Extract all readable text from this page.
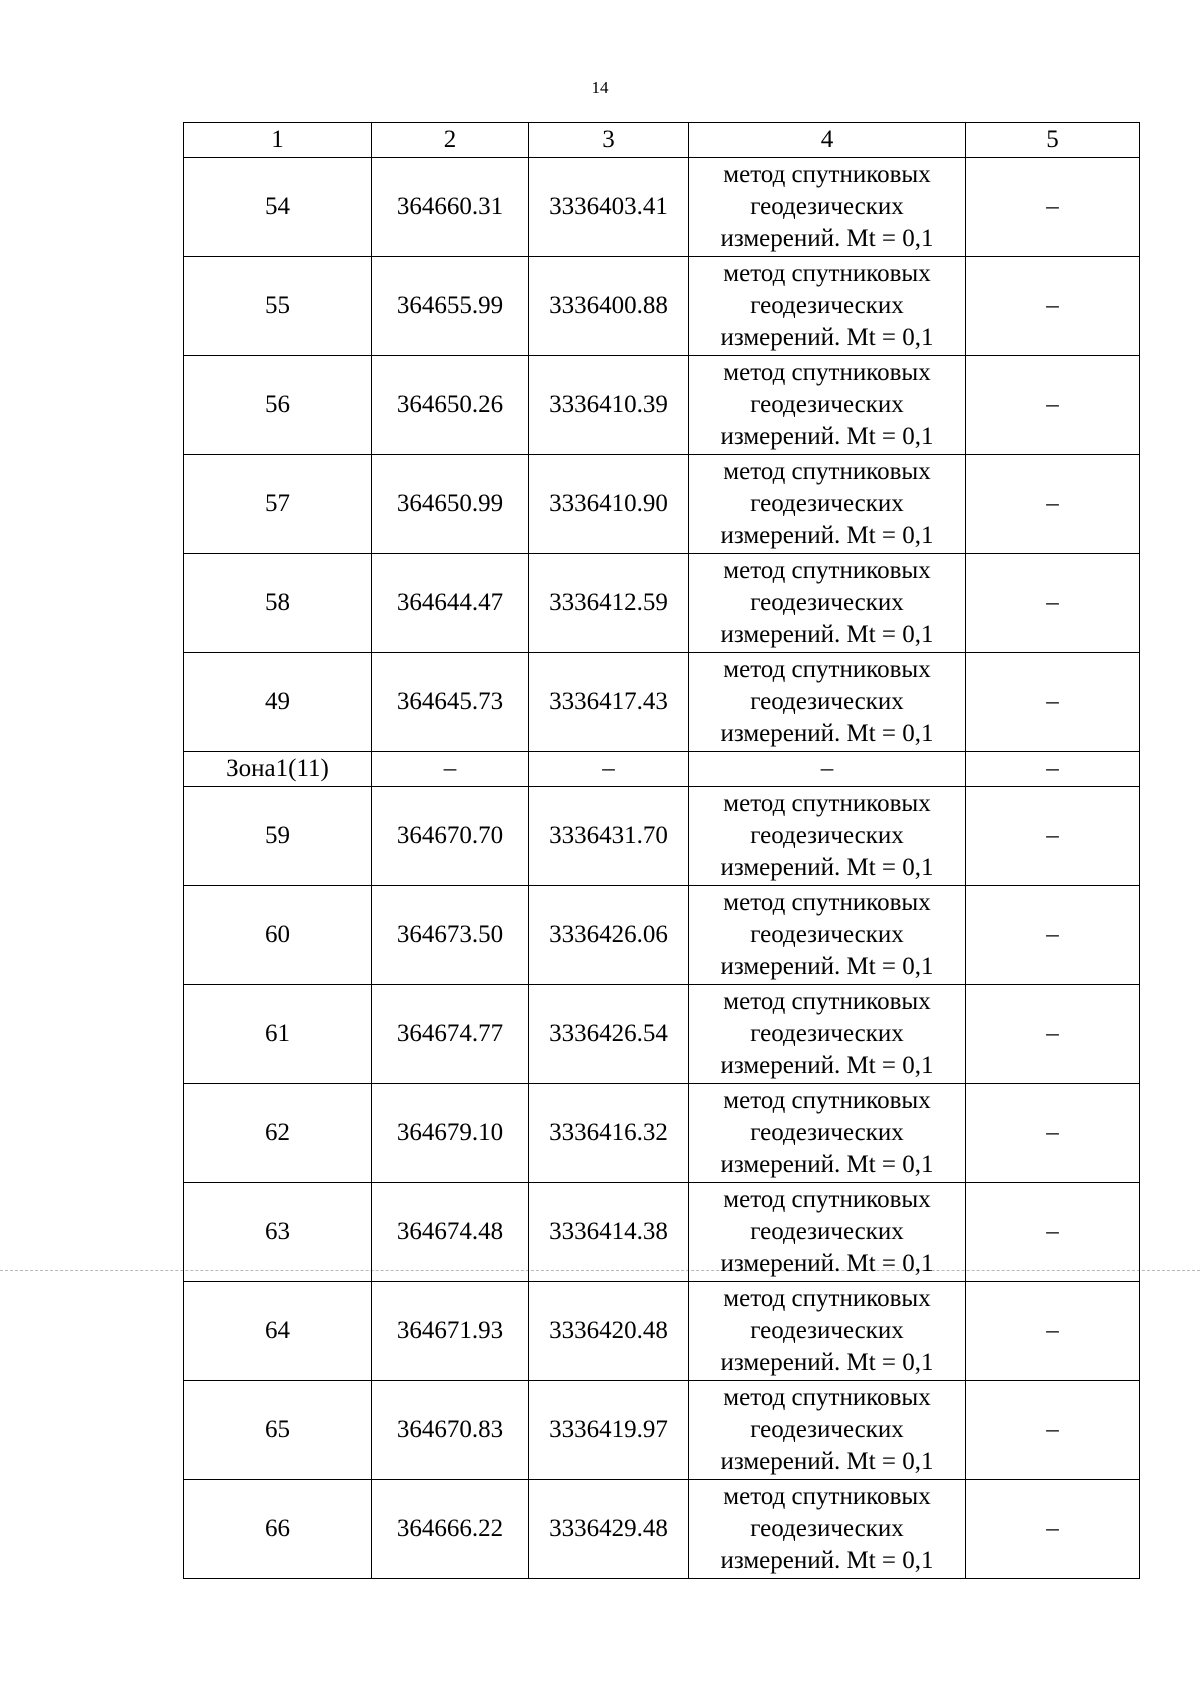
14
1	2	3	4	5
54	364660.31	3336403.41	метод спутниковых
геодезических
измерений. Mt = 0,1	–
55	364655.99	3336400.88	метод спутниковых
геодезических
измерений. Mt = 0,1	–
56	364650.26	3336410.39	метод спутниковых
геодезических
измерений. Mt = 0,1	–
57	364650.99	3336410.90	метод спутниковых
геодезических
измерений. Mt = 0,1	–
58	364644.47	3336412.59	метод спутниковых
геодезических
измерений. Mt = 0,1	–
49	364645.73	3336417.43	метод спутниковых
геодезических
измерений. Mt = 0,1	–
Зона1(11)	–	–	–	–
59	364670.70	3336431.70	метод спутниковых
геодезических
измерений. Mt = 0,1	–
60	364673.50	3336426.06	метод спутниковых
геодезических
измерений. Mt = 0,1	–
61	364674.77	3336426.54	метод спутниковых
геодезических
измерений. Mt = 0,1	–
62	364679.10	3336416.32	метод спутниковых
геодезических
измерений. Mt = 0,1	–
63	364674.48	3336414.38	метод спутниковых
геодезических
измерений. Mt = 0,1	–
64	364671.93	3336420.48	метод спутниковых
геодезических
измерений. Mt = 0,1	–
65	364670.83	3336419.97	метод спутниковых
геодезических
измерений. Mt = 0,1	–
66	364666.22	3336429.48	метод спутниковых
геодезических
измерений. Mt = 0,1	–
